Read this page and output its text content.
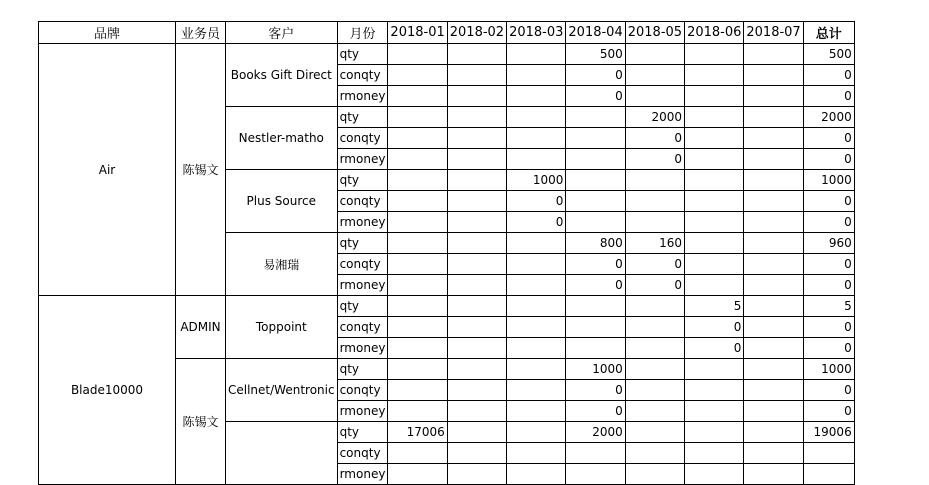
品牌	业务员	客户	月份	2018-01	2018-02	2018-03	2018-04	2018-05	2018-06	2018-07	总计
Air	陈锡文	Books Gift Direct	qty				500				500
			conqty				0				0
			rmoney				0				0
		Nestler-matho	qty					2000			2000
			conqty					0			0
			rmoney					0			0
		Plus Source	qty			1000					1000
			conqty			0					0
			rmoney			0					0
		易湘瑞	qty				800	160			960
			conqty				0	0			0
			rmoney				0	0			0
Blade10000	ADMIN	Toppoint	qty						5		5
			conqty						0		0
			rmoney						0		0
	陈锡文	Cellnet/Wentronic	qty				1000				1000
			conqty				0				0
			rmoney				0				0
			qty	17006			2000				19006
			conqty								
			rmoney								
